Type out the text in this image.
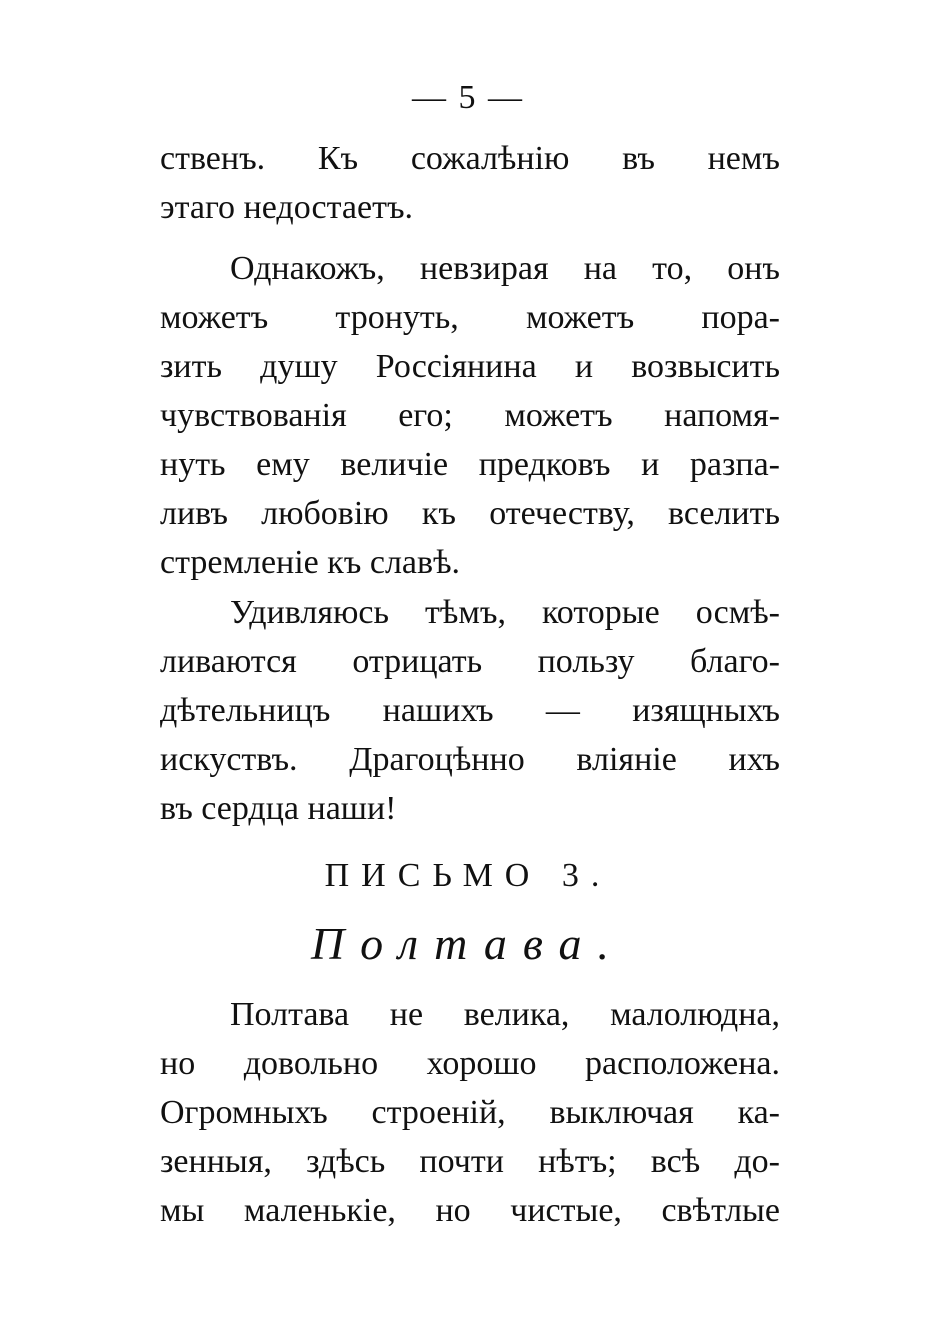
— 5 —
ственъ. Къ сожалѣнію въ немъ
этаго недостаетъ.
Однакожъ, невзирая на то, онъ
можетъ тронуть, можетъ пора-
зить душу Россіянина и возвысить
чувствованія его; можетъ напомя-
нуть ему величіе предковъ и разпа-
ливъ любовію къ отечеству, вселить
стремленіе къ славѣ.
Удивляюсь тѣмъ, которые осмѣ-
ливаются отрицать пользу благо-
дѣтельницъ нашихъ — изящныхъ
искуствъ. Драгоцѣнно вліяніе ихъ
въ сердца наши!
ПИСЬМО 3.
Полтава.
Полтава не велика, малолюдна,
но довольно хорошо расположена.
Огромныхъ строеній, выключая ка-
зенныя, здѣсь почти нѣтъ; всѣ до-
мы маленькіе, но чистые, свѣтлые
